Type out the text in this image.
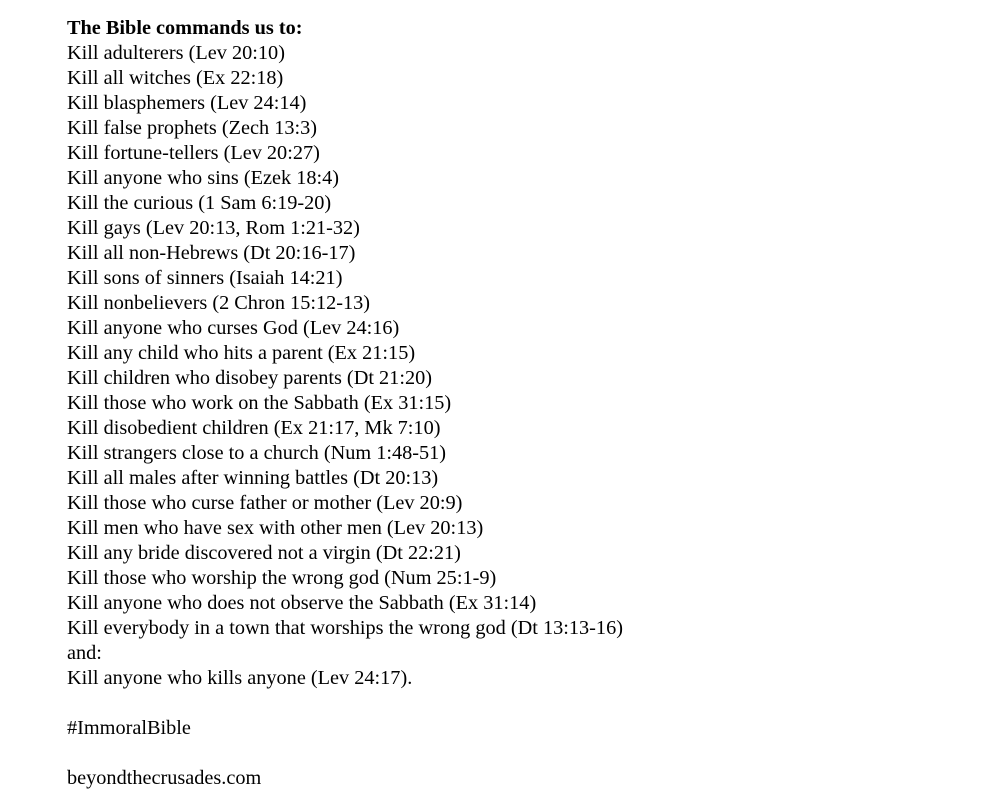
The Bible commands us to:

Kill adulterers (Lev 20:10)
Kill all witches (Ex 22:18)
Kill blasphemers (Lev 24:14)
Kill false prophets (Zech 13:3)
Kill fortune-tellers (Lev 20:27)
Kill anyone who sins (Ezek 18:4)
Kill the curious (1 Sam 6:19-20)
Kill gays (Lev 20:13, Rom 1:21-32)
Kill all non-Hebrews (Dt 20:16-17)
Kill sons of sinners (Isaiah 14:21)
Kill nonbelievers (2 Chron 15:12-13)
Kill anyone who curses God (Lev 24:16)
Kill any child who hits a parent (Ex 21:15)
Kill children who disobey parents (Dt 21:20)
Kill those who work on the Sabbath (Ex 31:15)
Kill disobedient children (Ex 21:17, Mk 7:10)
Kill strangers close to a church (Num 1:48-51)
Kill all males after winning battles (Dt 20:13)
Kill those who curse father or mother (Lev 20:9)
Kill men who have sex with other men (Lev 20:13)
Kill any bride discovered not a virgin (Dt 22:21)
Kill those who worship the wrong god (Num 25:1-9)
Kill anyone who does not observe the Sabbath (Ex 31:14)
Kill everybody in a town that worships the wrong god (Dt 13:13-16)

and:

Kill anyone who kills anyone (Lev 24:17).

#ImmoralBible

beyondthecrusades.com
